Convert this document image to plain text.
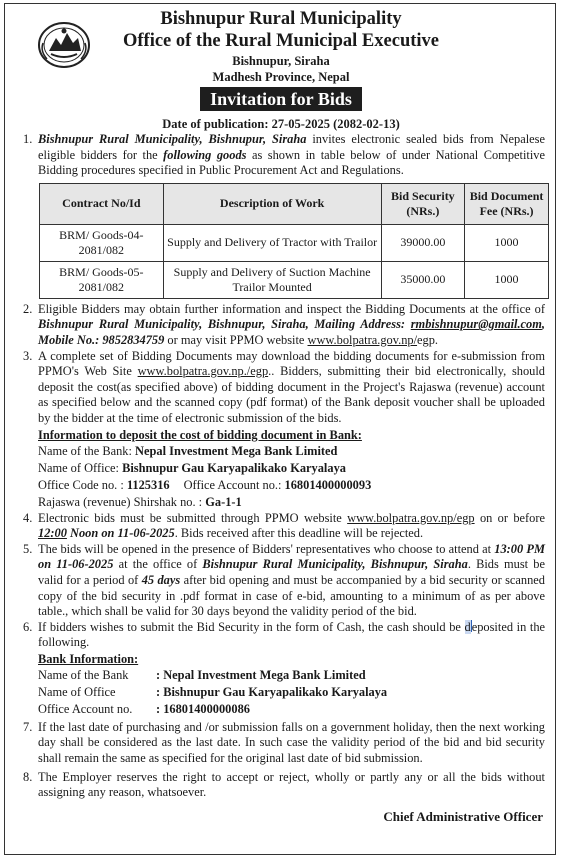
Bishnupur Rural Municipality
Office of the Rural Municipal Executive
Bishnupur, Siraha
Madhesh Province, Nepal
Invitation for Bids
Date of publication: 27-05-2025 (2082-02-13)
1. Bishnupur Rural Municipality, Bishnupur, Siraha invites electronic sealed bids from Nepalese eligible bidders for the following goods as shown in table below of under National Competitive Bidding procedures specified in Public Procurement Act and Regulations.
Contract No/Id	Description of Work	Bid Security (NRs.)	Bid Document Fee (NRs.)
BRM/ Goods-04-2081/082	Supply and Delivery of Tractor with Trailor	39000.00	1000
BRM/ Goods-05-2081/082	Supply and Delivery of Suction Machine Trailor Mounted	35000.00	1000
2. Eligible Bidders may obtain further information and inspect the Bidding Documents at the office of Bishnupur Rural Municipality, Bishnupur, Siraha, Mailing Address: rmbishnupur@gmail.com, Mobile No.: 9852834759 or may visit PPMO website www.bolpatra.gov.np/egp.
3. A complete set of Bidding Documents may download the bidding documents for e-submission from PPMO's Web Site www.bolpatra.gov.np./egp.. Bidders, submitting their bid electronically, should deposit the cost(as specified above) of bidding document in the Project's Rajaswa (revenue) account as specified below and the scanned copy (pdf format) of the Bank deposit voucher shall be uploaded by the bidder at the time of electronic submission of the bids.
Information to deposit the cost of bidding document in Bank:
Name of the Bank: Nepal Investment Mega Bank Limited
Name of Office: Bishnupur Gau Karyapalikako Karyalaya
Office Code no. : 1125316 Office Account no.: 16801400000093
Rajaswa (revenue) Shirshak no. : Ga-1-1
4. Electronic bids must be submitted through PPMO website www.bolpatra.gov.np/egp on or before 12:00 Noon on 11-06-2025. Bids received after this deadline will be rejected.
5. The bids will be opened in the presence of Bidders' representatives who choose to attend at 13:00 PM on 11-06-2025 at the office of Bishnupur Rural Municipality, Bishnupur, Siraha. Bids must be valid for a period of 45 days after bid opening and must be accompanied by a bid security or scanned copy of the bid security in .pdf format in case of e-bid, amounting to a minimum of as per above table., which shall be valid for 30 days beyond the validity period of the bid.
6. If bidders wishes to submit the Bid Security in the form of Cash, the cash should be deposited in the following.
Bank Information:
Name of the Bank	: Nepal Investment Mega Bank Limited
Name of Office	: Bishnupur Gau Karyapalikako Karyalaya
Office Account no.	: 16801400000086
7. If the last date of purchasing and /or submission falls on a government holiday, then the next working day shall be considered as the last date. In such case the validity period of the bid and bid security shall remain the same as specified for the original last date of bid submission.
8. The Employer reserves the right to accept or reject, wholly or partly any or all the bids without assigning any reason, whatsoever.
Chief Administrative Officer
